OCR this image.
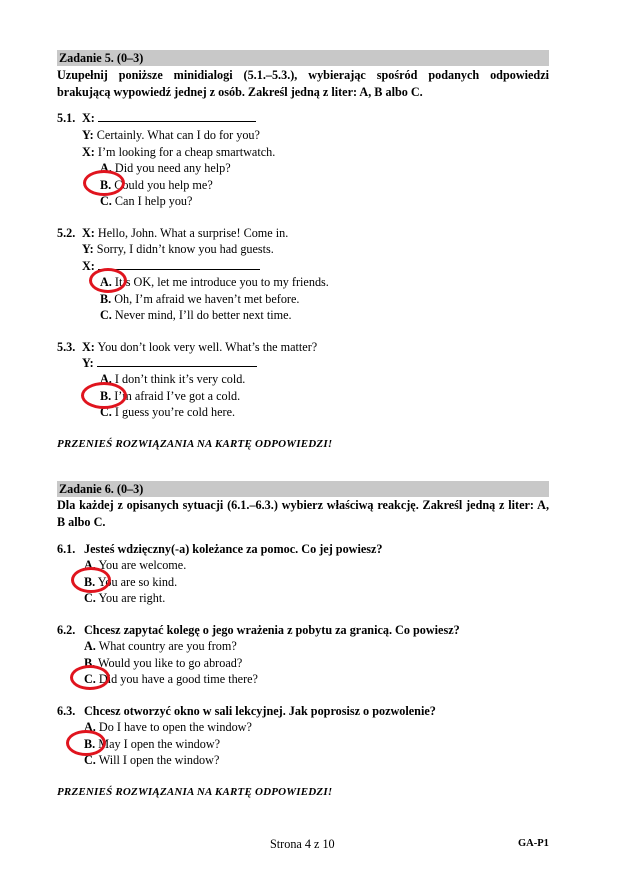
Zadanie 5. (0–3)
Uzupełnij poniższe minidialogi (5.1.–5.3.), wybierając spośród podanych odpowiedzi brakującą wypowiedź jednej z osób. Zakreśl jedną z liter: A, B albo C.
5.1. X:
Y: Certainly. What can I do for you?
X: I’m looking for a cheap smartwatch.
A. Did you need any help?
B. Could you help me?
C. Can I help you?
5.2. X: Hello, John. What a surprise! Come in.
Y: Sorry, I didn’t know you had guests.
X:
A. It’s OK, let me introduce you to my friends.
B. Oh, I’m afraid we haven’t met before.
C. Never mind, I’ll do better next time.
5.3. X: You don’t look very well. What’s the matter?
Y:
A. I don’t think it’s very cold.
B. I’m afraid I’ve got a cold.
C. I guess you’re cold here.
PRZENIEŚ ROZWIĄZANIA NA KARTĘ ODPOWIEDZI!
Zadanie 6. (0–3)
Dla każdej z opisanych sytuacji (6.1.–6.3.) wybierz właściwą reakcję. Zakreśl jedną z liter: A, B albo C.
6.1. Jesteś wdzięczny(-a) koleżance za pomoc. Co jej powiesz?
A. You are welcome.
B. You are so kind.
C. You are right.
6.2. Chcesz zapytać kolegę o jego wrażenia z pobytu za granicą. Co powiesz?
A. What country are you from?
B. Would you like to go abroad?
C. Did you have a good time there?
6.3. Chcesz otworzyć okno w sali lekcyjnej. Jak poprosisz o pozwolenie?
A. Do I have to open the window?
B. May I open the window?
C. Will I open the window?
PRZENIEŚ ROZWIĄZANIA NA KARTĘ ODPOWIEDZI!
Strona 4 z 10	GA-P1
